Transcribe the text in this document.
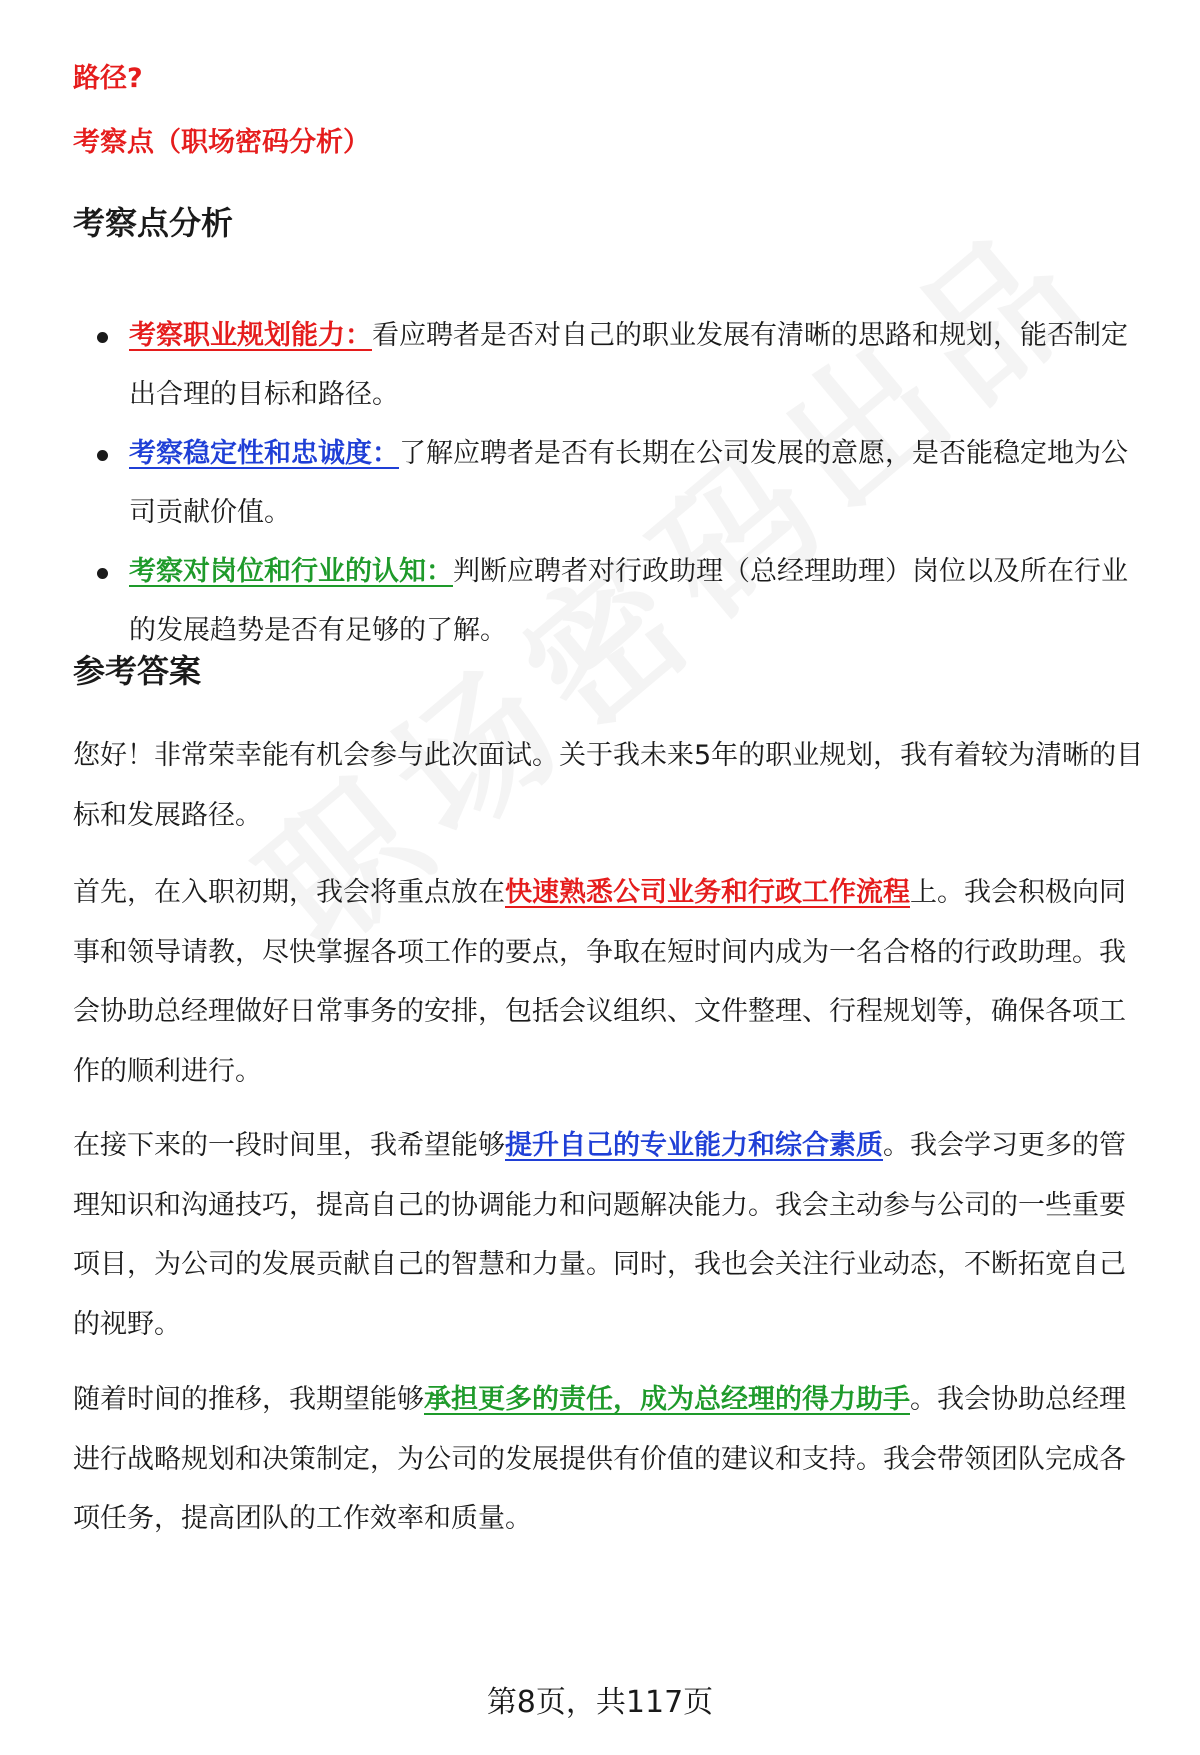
路径?
考察点（职场密码分析）
考察点分析
考察职业规划能力：看应聘者是否对自己的职业发展有清晰的思路和规划，能否制定出合理的目标和路径。
考察稳定性和忠诚度：了解应聘者是否有长期在公司发展的意愿，是否能稳定地为公司贡献价值。
考察对岗位和行业的认知：判断应聘者对行政助理（总经理助理）岗位以及所在行业的发展趋势是否有足够的了解。
参考答案

您好！非常荣幸能有机会参与此次面试。关于我未来5年的职业规划，我有着较为清晰的目标和发展路径。

首先，在入职初期，我会将重点放在快速熟悉公司业务和行政工作流程上。我会积极向同事和领导请教，尽快掌握各项工作的要点，争取在短时间内成为一名合格的行政助理。我会协助总经理做好日常事务的安排，包括会议组织、文件整理、行程规划等，确保各项工作的顺利进行。

在接下来的一段时间里，我希望能够提升自己的专业能力和综合素质。我会学习更多的管理知识和沟通技巧，提高自己的协调能力和问题解决能力。我会主动参与公司的一些重要项目，为公司的发展贡献自己的智慧和力量。同时，我也会关注行业动态，不断拓宽自己的视野。

随着时间的推移，我期望能够承担更多的责任，成为总经理的得力助手。我会协助总经理进行战略规划和决策制定，为公司的发展提供有价值的建议和支持。我会带领团队完成各项任务，提高团队的工作效率和质量。

第8页，共117页
